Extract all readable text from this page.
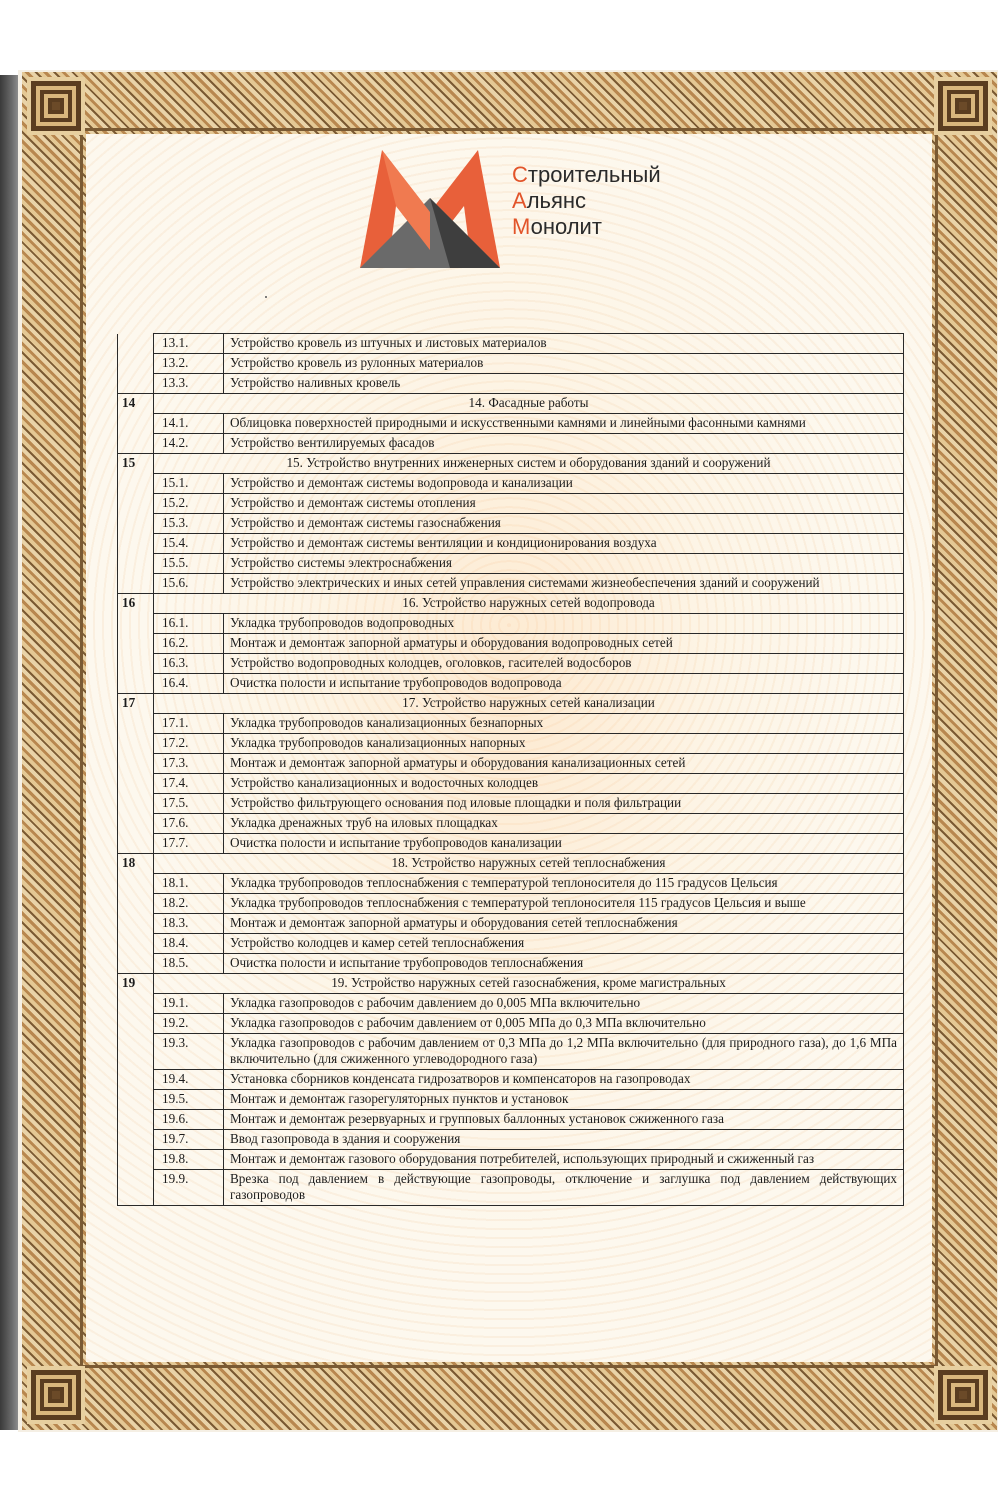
Строительный
Альянс
Монолит
	13.1.	Устройство кровель из штучных и листовых материалов
	13.2.	Устройство кровель из рулонных материалов
	13.3.	Устройство наливных кровель
14	14. Фасадные работы	
	14.1.	Облицовка поверхностей природными и искусственными камнями и линейными фасонными камнями
	14.2.	Устройство вентилируемых фасадов
15	15. Устройство внутренних инженерных систем и оборудования зданий и сооружений	
	15.1.	Устройство и демонтаж системы водопровода и канализации
	15.2.	Устройство и демонтаж системы отопления
	15.3.	Устройство и демонтаж системы газоснабжения
	15.4.	Устройство и демонтаж системы вентиляции и кондиционирования воздуха
	15.5.	Устройство системы электроснабжения
	15.6.	Устройство электрических и иных сетей управления системами жизнеобеспечения зданий и сооружений
16	16. Устройство наружных сетей водопровода	
	16.1.	Укладка трубопроводов водопроводных
	16.2.	Монтаж и демонтаж запорной арматуры и оборудования водопроводных сетей
	16.3.	Устройство водопроводных колодцев, оголовков, гасителей водосборов
	16.4.	Очистка полости и испытание трубопроводов водопровода
17	17. Устройство наружных сетей канализации	
	17.1.	Укладка трубопроводов канализационных безнапорных
	17.2.	Укладка трубопроводов канализационных напорных
	17.3.	Монтаж и демонтаж запорной арматуры и оборудования канализационных сетей
	17.4.	Устройство канализационных и водосточных колодцев
	17.5.	Устройство фильтрующего основания под иловые площадки и поля фильтрации
	17.6.	Укладка дренажных труб на иловых площадках
	17.7.	Очистка полости и испытание трубопроводов канализации
18	18. Устройство наружных сетей теплоснабжения	
	18.1.	Укладка трубопроводов теплоснабжения с температурой теплоносителя до 115 градусов Цельсия
	18.2.	Укладка трубопроводов теплоснабжения с температурой теплоносителя 115 градусов Цельсия и выше
	18.3.	Монтаж и демонтаж запорной арматуры и оборудования сетей теплоснабжения
	18.4.	Устройство колодцев и камер сетей теплоснабжения
	18.5.	Очистка полости и испытание трубопроводов теплоснабжения
19	19. Устройство наружных сетей газоснабжения, кроме магистральных	
	19.1.	Укладка газопроводов с рабочим давлением до 0,005 МПа включительно
	19.2.	Укладка газопроводов с рабочим давлением от 0,005 МПа до 0,3 МПа включительно
	19.3.	Укладка газопроводов с рабочим давлением от 0,3 МПа до 1,2 МПа включительно (для природного газа), до 1,6 МПа включительно (для сжиженного углеводородного газа)
	19.4.	Установка сборников конденсата гидрозатворов и компенсаторов на газопроводах
	19.5.	Монтаж и демонтаж газорегуляторных пунктов и установок
	19.6.	Монтаж и демонтаж резервуарных и групповых баллонных установок сжиженного газа
	19.7.	Ввод газопровода в здания и сооружения
	19.8.	Монтаж и демонтаж газового оборудования потребителей, использующих природный и сжиженный газ
	19.9.	Врезка под давлением в действующие газопроводы, отключение и заглушка под давлением действующих газопроводов
